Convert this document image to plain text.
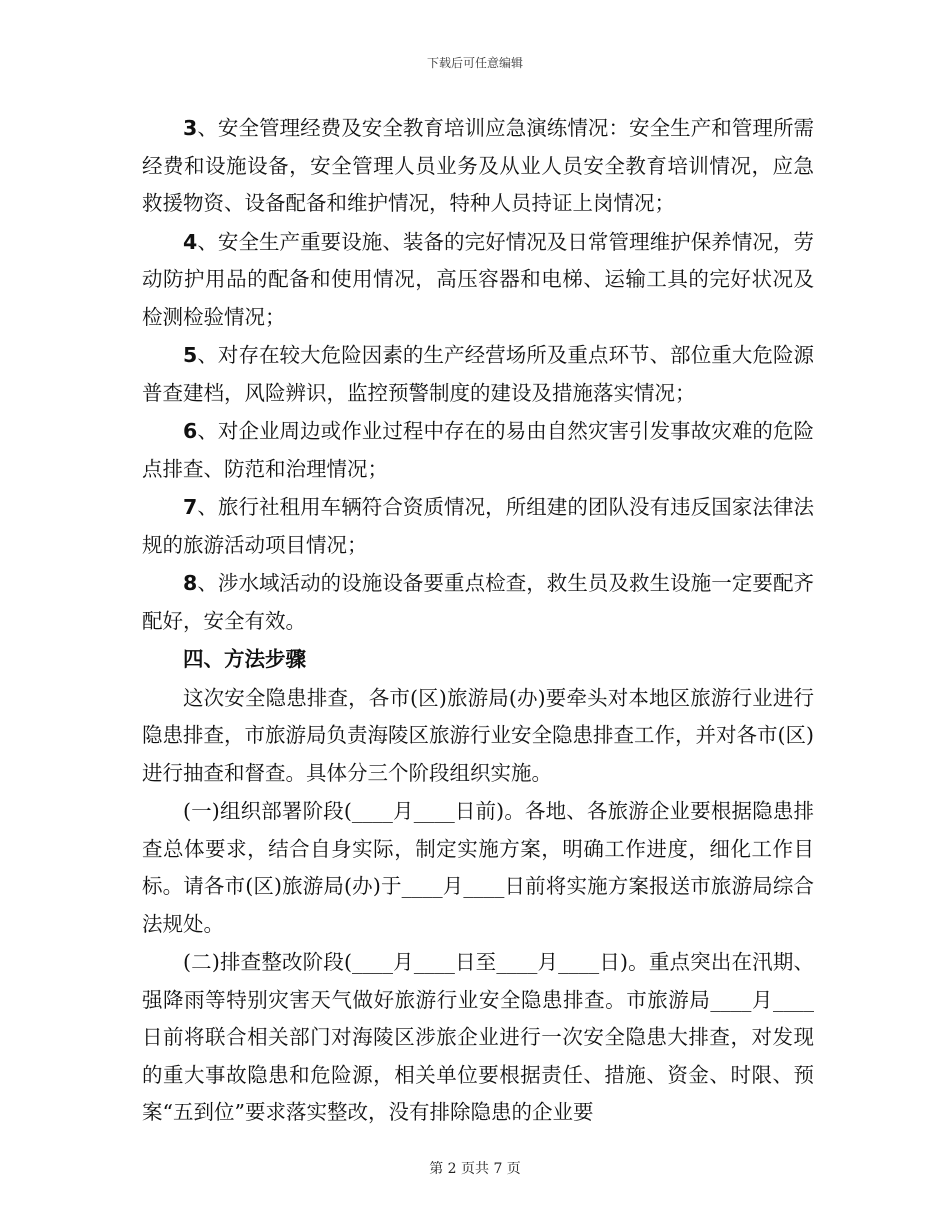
下载后可任意编辑

3、安全管理经费及安全教育培训应急演练情况：安全生产和管理所需经费和设施设备，安全管理人员业务及从业人员安全教育培训情况，应急救援物资、设备配备和维护情况，特种人员持证上岗情况；

4、安全生产重要设施、装备的完好情况及日常管理维护保养情况，劳动防护用品的配备和使用情况，高压容器和电梯、运输工具的完好状况及检测检验情况；

5、对存在较大危险因素的生产经营场所及重点环节、部位重大危险源普查建档，风险辨识，监控预警制度的建设及措施落实情况；

6、对企业周边或作业过程中存在的易由自然灾害引发事故灾难的危险点排查、防范和治理情况；

7、旅行社租用车辆符合资质情况，所组建的团队没有违反国家法律法规的旅游活动项目情况；

8、涉水域活动的设施设备要重点检查，救生员及救生设施一定要配齐配好，安全有效。

四、方法步骤

这次安全隐患排查，各市(区)旅游局(办)要牵头对本地区旅游行业进行隐患排查，市旅游局负责海陵区旅游行业安全隐患排查工作，并对各市(区)进行抽查和督查。具体分三个阶段组织实施。

(一)组织部署阶段(____月____日前)。各地、各旅游企业要根据隐患排查总体要求，结合自身实际，制定实施方案，明确工作进度，细化工作目标。请各市(区)旅游局(办)于____月____日前将实施方案报送市旅游局综合法规处。

(二)排查整改阶段(____月____日至____月____日)。重点突出在汛期、强降雨等特别灾害天气做好旅游行业安全隐患排查。市旅游局____月____日前将联合相关部门对海陵区涉旅企业进行一次安全隐患大排查，对发现的重大事故隐患和危险源，相关单位要根据责任、措施、资金、时限、预案“五到位”要求落实整改，没有排除隐患的企业要

第 2 页共 7 页
